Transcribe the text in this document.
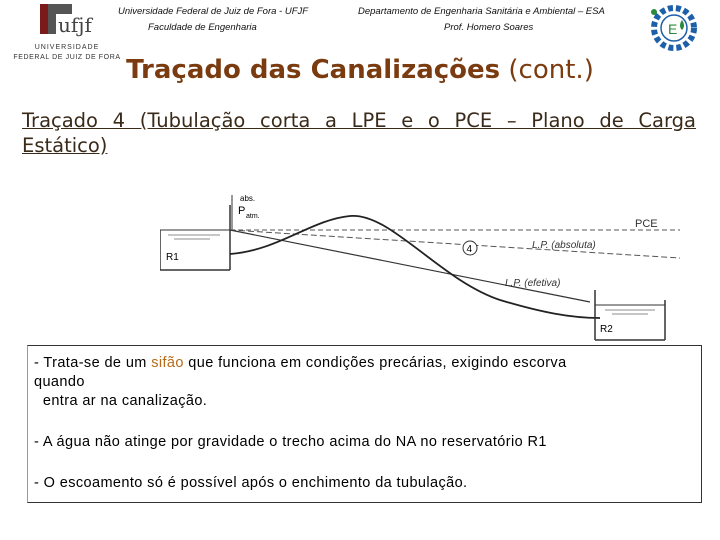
ufjf
UNIVERSIDADE
FEDERAL DE JUIZ DE FORA
Universidade Federal de Juiz de Fora - UFJF
Faculdade de Engenharia
Departamento de Engenharia Sanitária e Ambiental – ESA
Prof. Homero Soares	E
Traçado das Canalizações (cont.)
Traçado 4 (Tubulação corta a LPE e o PCE – Plano de Carga
Estático)
R1
PCE
abs.
P atm.
L.P. (absoluta)
L.P. (efetiva)
4
R2

- Trata-se de um sifão que funciona em condições precárias, exigindo escorva

quando

entra ar na canalização.

- A água não atinge por gravidade o trecho acima do NA no reservatório R1

- O escoamento só é possível após o enchimento da tubulação.
